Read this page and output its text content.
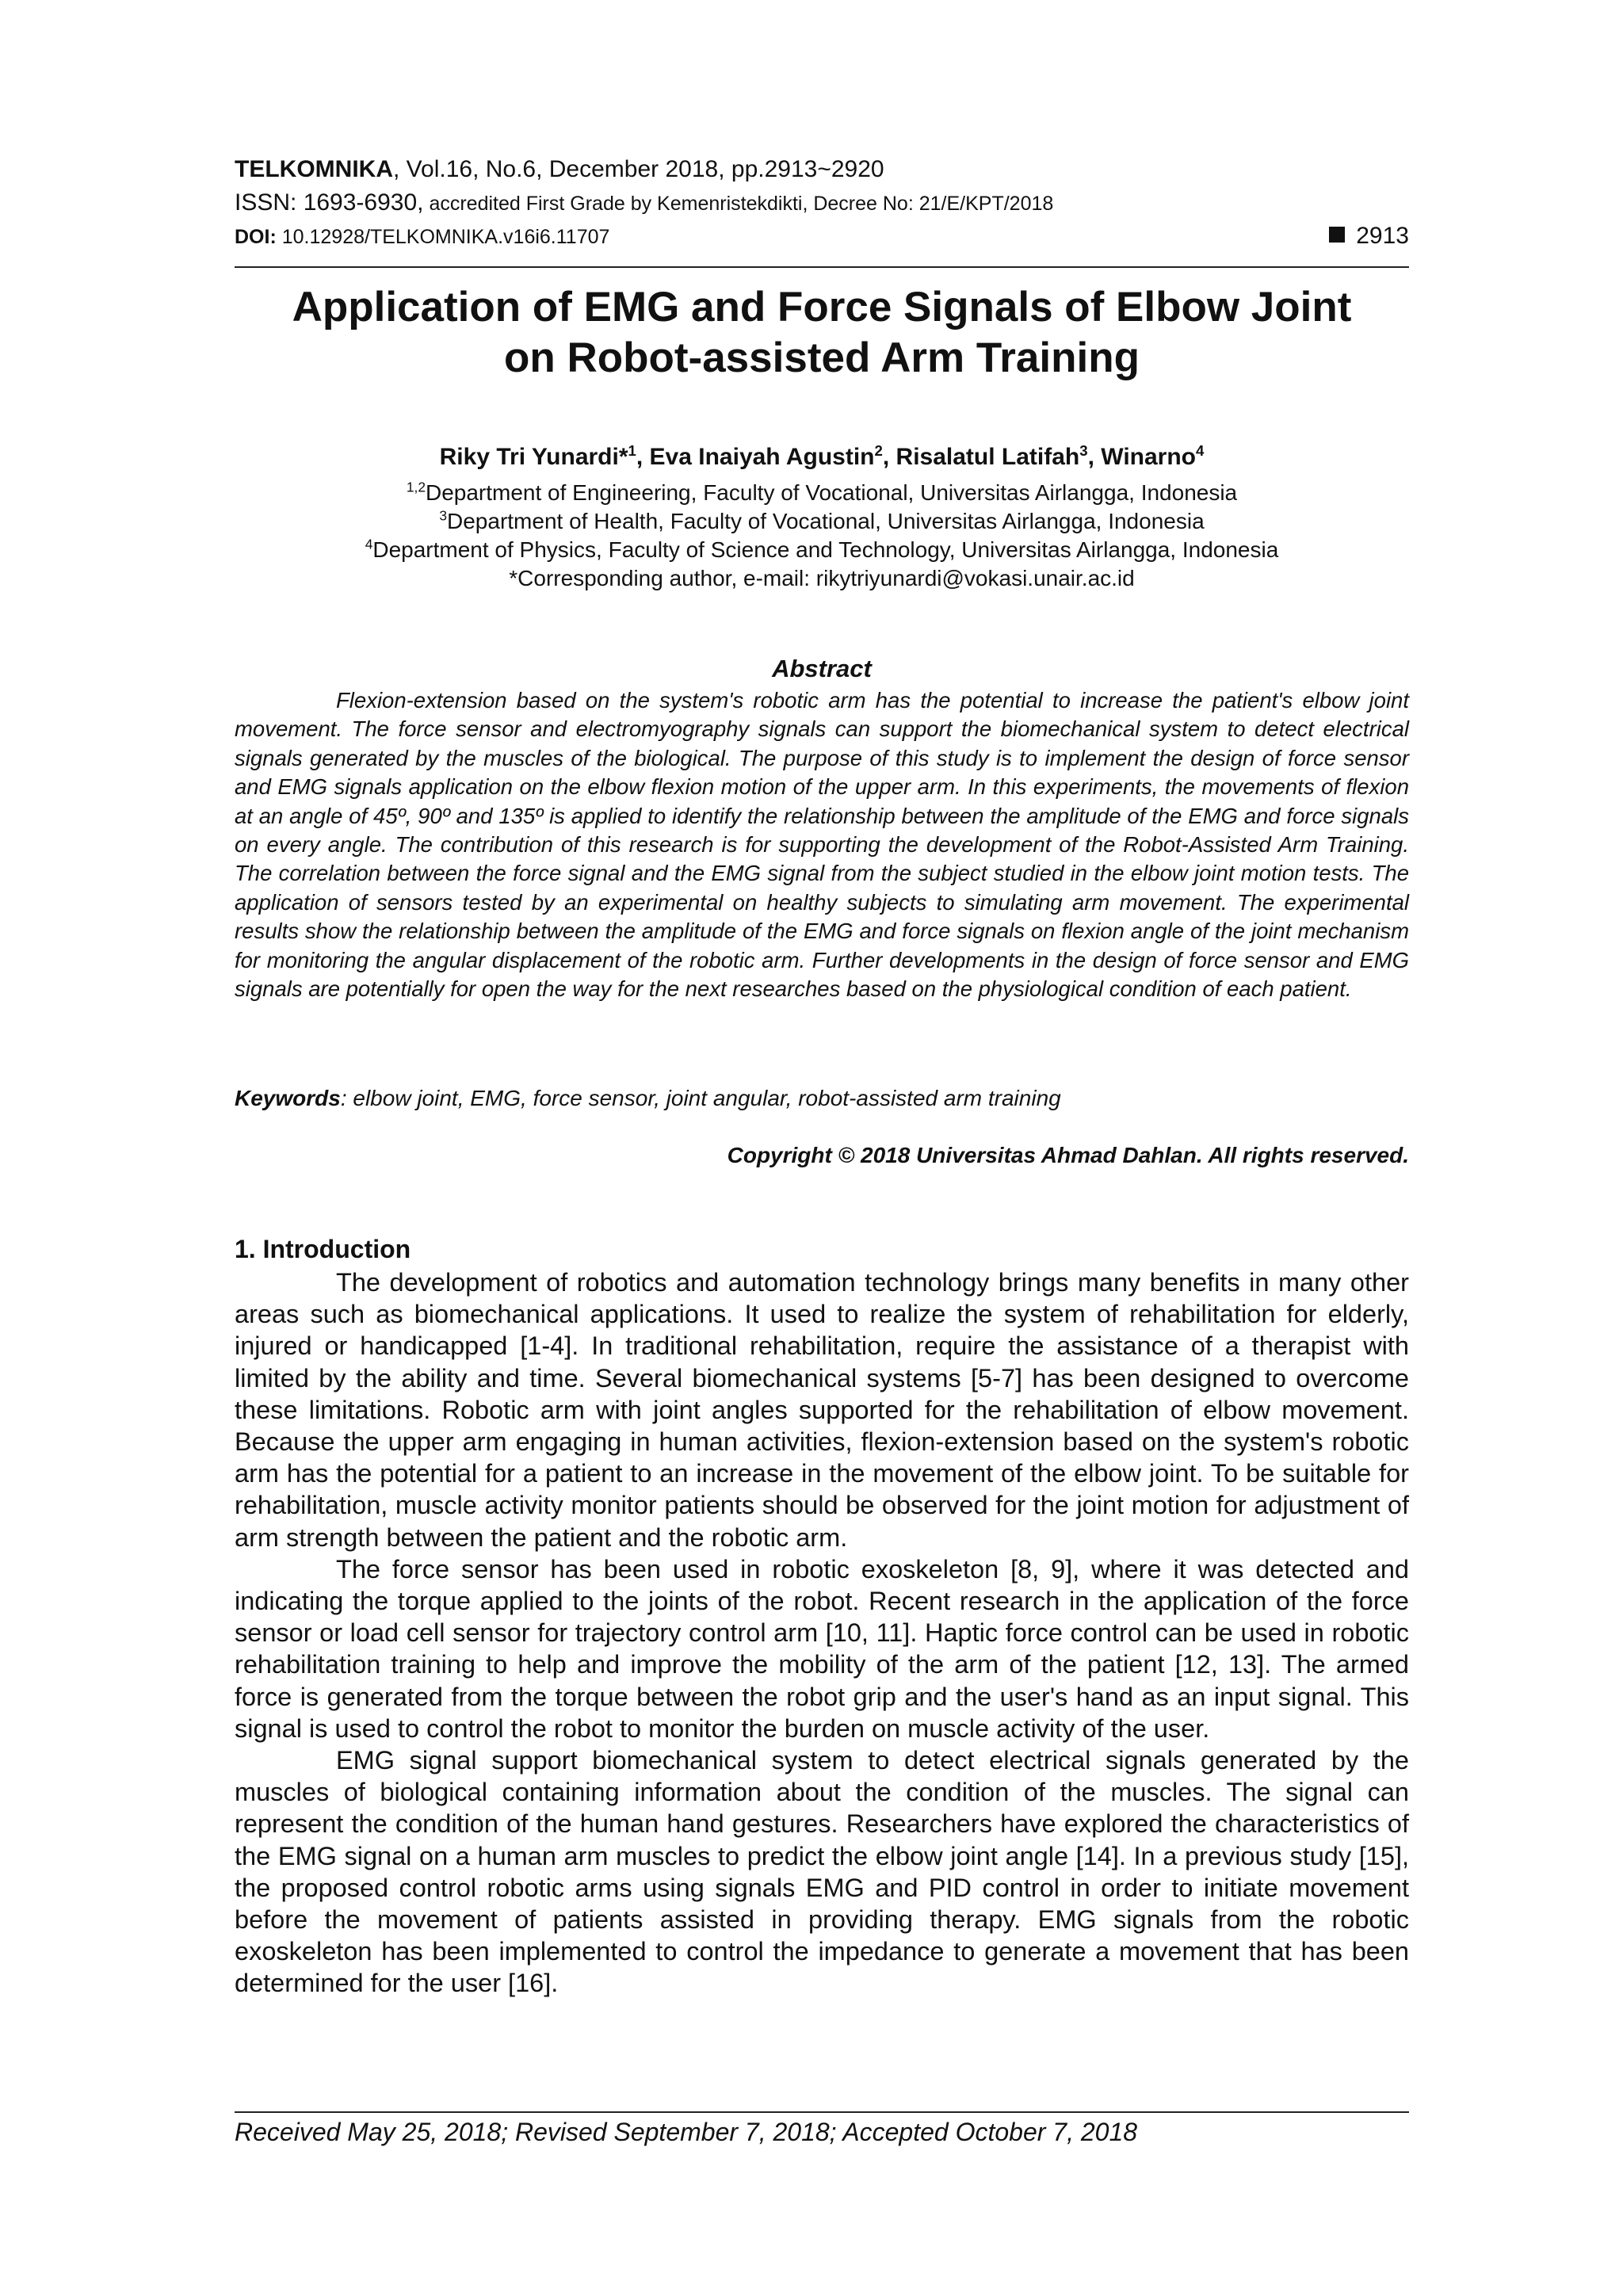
TELKOMNIKA, Vol.16, No.6, December 2018, pp.2913~2920
ISSN: 1693-6930, accredited First Grade by Kemenristekdikti, Decree No: 21/E/KPT/2018
DOI: 10.12928/TELKOMNIKA.v16i6.11707	2913
Application of EMG and Force Signals of Elbow Joint
on Robot-assisted Arm Training
Riky Tri Yunardi*$^1$, Eva Inaiyah Agustin$^2$, Risalatul Latifah$^3$, Winarno$^4$
$^{1,2}$Department of Engineering, Faculty of Vocational, Universitas Airlangga, Indonesia
$^3$Department of Health, Faculty of Vocational, Universitas Airlangga, Indonesia
$^4$Department of Physics, Faculty of Science and Technology, Universitas Airlangga, Indonesia
*Corresponding author, e-mail: rikytriyunardi@vokasi.unair.ac.id
Abstract
Flexion-extension based on the system's robotic arm has the potential to increase the patient's elbow joint movement. The force sensor and electromyography signals can support the biomechanical system to detect electrical signals generated by the muscles of the biological. The purpose of this study is to implement the design of force sensor and EMG signals application on the elbow flexion motion of the upper arm. In this experiments, the movements of flexion at an angle of 45º, 90º and 135º is applied to identify the relationship between the amplitude of the EMG and force signals on every angle. The contribution of this research is for supporting the development of the Robot-Assisted Arm Training. The correlation between the force signal and the EMG signal from the subject studied in the elbow joint motion tests. The application of sensors tested by an experimental on healthy subjects to simulating arm movement. The experimental results show the relationship between the amplitude of the EMG and force signals on flexion angle of the joint mechanism for monitoring the angular displacement of the robotic arm. Further developments in the design of force sensor and EMG signals are potentially for open the way for the next researches based on the physiological condition of each patient.
Keywords: elbow joint, EMG, force sensor, joint angular, robot-assisted arm training
Copyright © 2018 Universitas Ahmad Dahlan. All rights reserved.
1. Introduction

The development of robotics and automation technology brings many benefits in many other areas such as biomechanical applications. It used to realize the system of rehabilitation for elderly, injured or handicapped [1-4]. In traditional rehabilitation, require the assistance of a therapist with limited by the ability and time. Several biomechanical systems [5-7] has been designed to overcome these limitations. Robotic arm with joint angles supported for the rehabilitation of elbow movement. Because the upper arm engaging in human activities, flexion-extension based on the system's robotic arm has the potential for a patient to an increase in the movement of the elbow joint. To be suitable for rehabilitation, muscle activity monitor patients should be observed for the joint motion for adjustment of arm strength between the patient and the robotic arm.

The force sensor has been used in robotic exoskeleton [8, 9], where it was detected and indicating the torque applied to the joints of the robot. Recent research in the application of the force sensor or load cell sensor for trajectory control arm [10, 11]. Haptic force control can be used in robotic rehabilitation training to help and improve the mobility of the arm of the patient [12, 13]. The armed force is generated from the torque between the robot grip and the user's hand as an input signal. This signal is used to control the robot to monitor the burden on muscle activity of the user.

EMG signal support biomechanical system to detect electrical signals generated by the muscles of biological containing information about the condition of the muscles. The signal can represent the condition of the human hand gestures. Researchers have explored the characteristics of the EMG signal on a human arm muscles to predict the elbow joint angle [14]. In a previous study [15], the proposed control robotic arms using signals EMG and PID control in order to initiate movement before the movement of patients assisted in providing therapy. EMG signals from the robotic exoskeleton has been implemented to control the impedance to generate a movement that has been determined for the user [16].

Received May 25, 2018; Revised September 7, 2018; Accepted October 7, 2018
